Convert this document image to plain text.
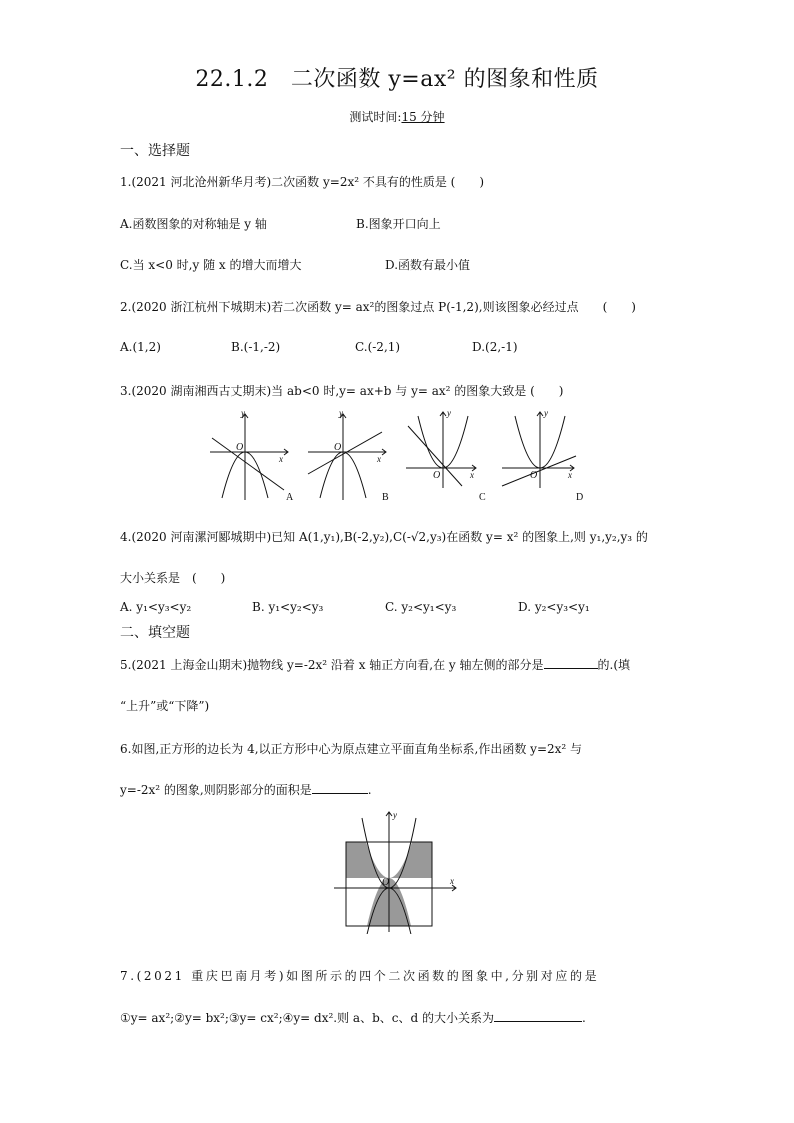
22.1.2　二次函数 y=ax² 的图象和性质
测试时间:15 分钟
一、选择题
1.(2021 河北沧州新华月考)二次函数 y=2x² 不具有的性质是 (　　)
A.函数图象的对称轴是 y 轴	B.图象开口向上
C.当 x<0 时,y 随 x 的增大而增大	D.函数有最小值
2.(2020 浙江杭州下城期末)若二次函数 y= ax²的图象过点 P(-1,2),则该图象必经过点　　(　　)
A.(1,2)	B.(-1,-2)	C.(-2,1)	D.(2,-1)
3.(2020 湖南湘西古丈期末)当 ab<0 时,y= ax+b 与 y= ax² 的图象大致是 (　　)
y
x
O
y
x
O
y
x
O
y
x
O
A	B	C	D
4.(2020 河南漯河郾城期中)已知 A(1,y₁),B(-2,y₂),C(-√2,y₃)在函数 y= x² 的图象上,则 y₁,y₂,y₃ 的
大小关系是　(　　)
A. y₁<y₃<y₂	B. y₁<y₂<y₃	C. y₂<y₁<y₃	D. y₂<y₃<y₁
二、填空题
5.(2021 上海金山期末)抛物线 y=-2x² 沿着 x 轴正方向看,在 y 轴左侧的部分是	的.(填
“上升”或“下降”)
6.如图,正方形的边长为 4,以正方形中心为原点建立平面直角坐标系,作出函数 y=2x² 与
y=-2x² 的图象,则阴影部分的面积是	.
y
x
O
7.(2021 重庆巴南月考)如图所示的四个二次函数的图象中,分别对应的是
①y= ax²;②y= bx²;③y= cx²;④y= dx².则 a、b、c、d 的大小关系为	.
